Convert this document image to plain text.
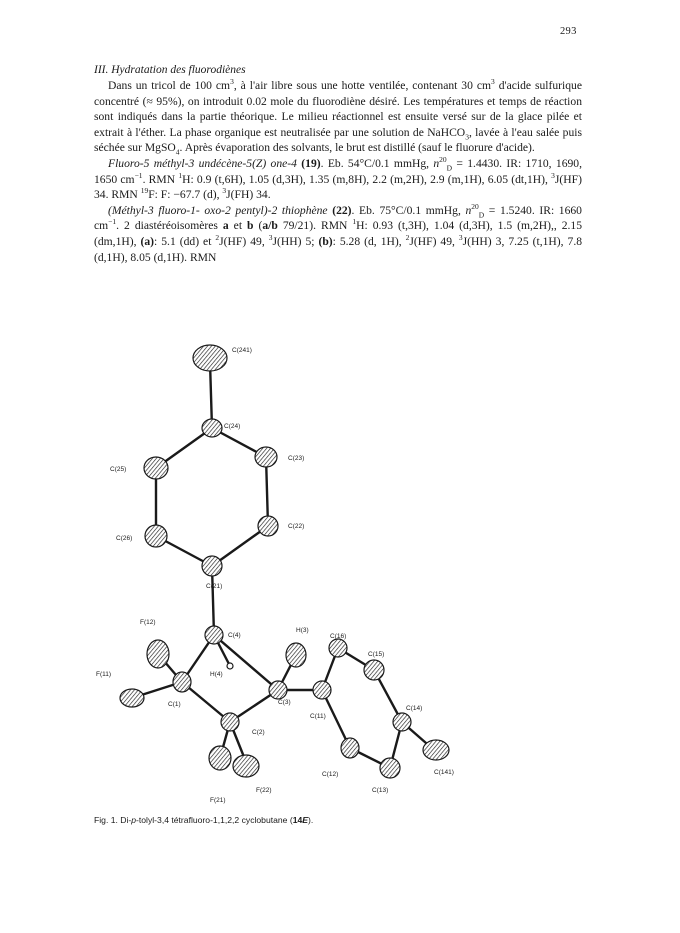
293
III. Hydratation des fluorodiènes

Dans un tricol de 100 $cm^3$, à l'air libre sous une hotte ventilée, contenant 30 $cm^3$ d'acide sulfurique concentré (≈ 95%), on introduit 0.02 mole du fluorodiène désiré. Les températures et temps de réaction sont indiqués dans la partie théorique. Le milieu réactionnel est ensuite versé sur de la glace pilée et extrait à l'éther. La phase organique est neutralisée par une solution de NaHCO$_3$, lavée à l'eau salée puis séchée sur MgSO$_4$. Après évaporation des solvants, le brut est distillé (sauf le fluorure d'acide).

Fluoro-5 méthyl-3 undécène-5(Z) one-4 (19). Eb. 54°C/0.1 mmHg, $n^{20}_D = 1.4430$. IR: 1710, 1690, 1650 $cm^{-1}$. RMN $^1$H: 0.9 (t,6H), 1.05 (d,3H), 1.35 (m,8H), 2.2 (m,2H), 2.9 (m,1H), 6.05 (dt,1H), $^3$J(HF) 34. RMN $^{19}$F: F: −67.7 (d), $^3$J(FH) 34.

(Méthyl-3 fluoro-1- oxo-2 pentyl)-2 thiophène (22). Eb. 75°C/0.1 mmHg, $n^{20}_D = 1.5240$. IR: 1660 $cm^{-1}$. 2 diastéréoisomères a et b (a/b 79/21). RMN $^1$H: 0.93 (t,3H), 1.04 (d,3H), 1.5 (m,2H),, 2.15 (dm,1H), (a): 5.1 (dd) et $^2$J(HF) 49, $^3$J(HH) 5; (b): 5.28 (d, 1H), $^2$J(HF) 49, $^3$J(HH) 3, 7.25 (t,1H), 7.8 (d,1H), 8.05 (d,1H). RMN

C(241)
C(24)
C(23)
C(25)
C(22)
C(26)
C(21)
F(12)
C(4)
H(3)
C(16)
C(15)
F(11)	H(4)
C(1)	C(3)
C(11)
C(14)
C(2)
C(12)	C(141)
F(22)	C(13)
F(21)
Fig. 1. Di-p-tolyl-3,4 tétrafluoro-1,1,2,2 cyclobutane (14E).
